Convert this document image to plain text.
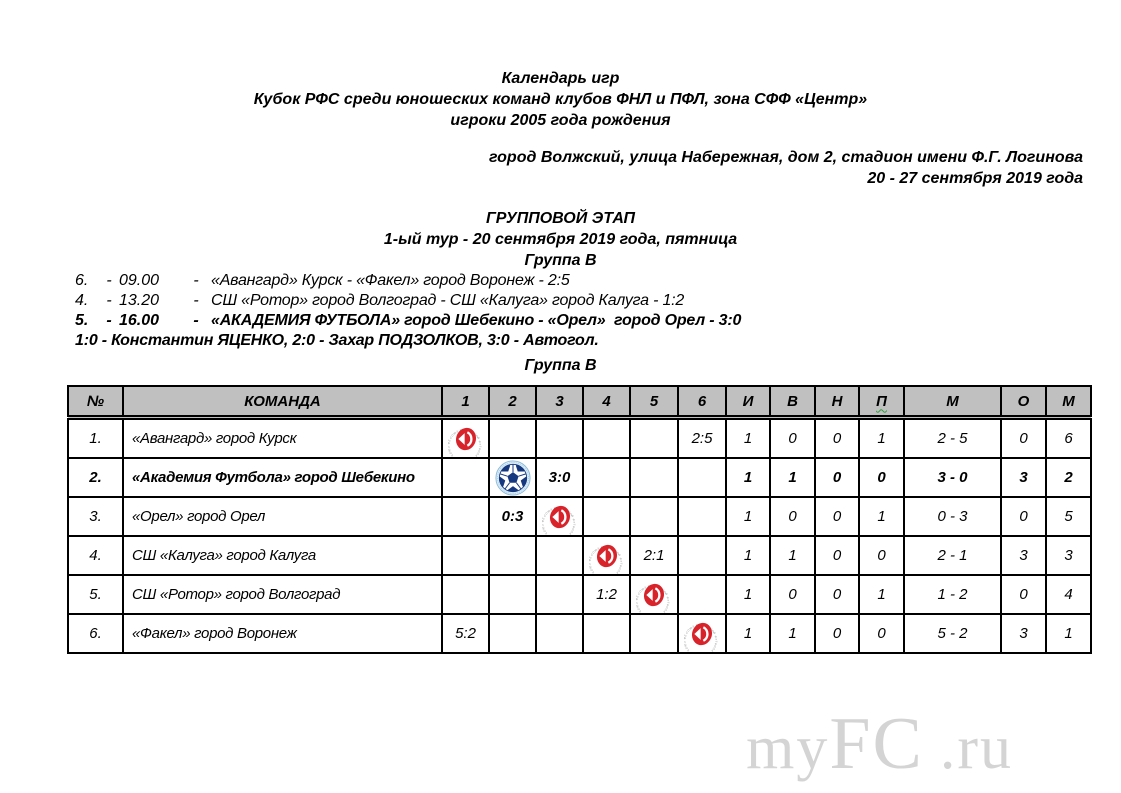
Календарь игр
Кубок РФС среди юношеских команд клубов ФНЛ и ПФЛ, зона СФФ «Центр»
игроки 2005 года рождения
город Волжский, улица Набережная, дом 2, стадион имени Ф.Г. Логинова
20 - 27 сентября 2019 года
ГРУППОВОЙ ЭТАП
1-ый тур - 20 сентября 2019 года, пятница
Группа В
6.	- 09.00	- «Авангард» Курск - «Факел» город Воронеж - 2:5
4.	- 13.20	- СШ «Ротор» город Волгоград - СШ «Калуга» город Калуга - 1:2
5.	- 16.00	- «АКАДЕМИЯ ФУТБОЛА» город Шебекино - «Орел»  город Орел - 3:0
1:0 - Константин ЯЦЕНКО, 2:0 - Захар ПОДЗОЛКОВ, 3:0 - Автогол.
Группа В
№	КОМАНДА	1	2	3	4	5	6	И	В	Н	П	М	О	М
1.	«Авангард» город Курск						2:5	1	0	0	1	2 - 5	0	6
2.	«Академия Футбола» город Шебекино			3:0				1	1	0	0	3 - 0	3	2
3.	«Орел» город Орел		0:3					1	0	0	1	0 - 3	0	5
4.	СШ «Калуга» город Калуга					2:1		1	1	0	0	2 - 1	3	3
5.	СШ «Ротор» город Волгоград				1:2			1	0	0	1	1 - 2	0	4
6.	«Факел» город Воронеж	5:2						1	1	0	0	5 - 2	3	1
myFC .ru
